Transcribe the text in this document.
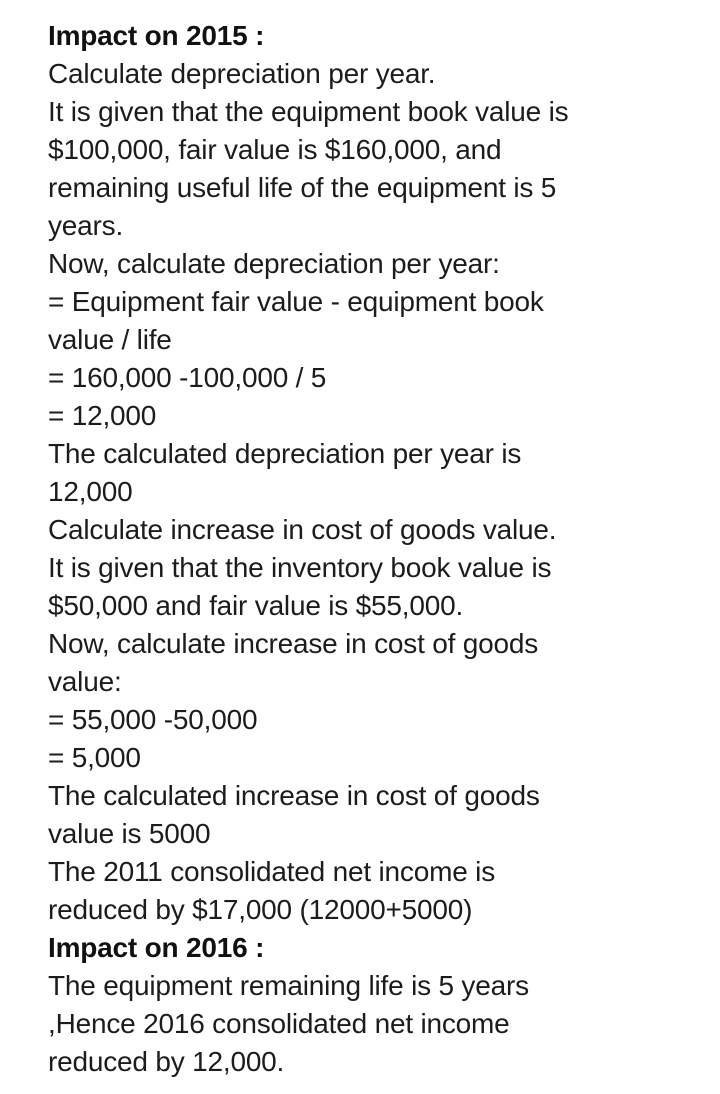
Impact on 2015 :
Calculate depreciation per year.
It is given that the equipment book value is
$100,000, fair value is $160,000, and
remaining useful life of the equipment is 5
years.
Now, calculate depreciation per year:
= Equipment fair value - equipment book
value / life
= 160,000 -100,000 / 5
= 12,000
The calculated depreciation per year is
12,000
Calculate increase in cost of goods value.
It is given that the inventory book value is
$50,000 and fair value is $55,000.
Now, calculate increase in cost of goods
value:
= 55,000 -50,000
= 5,000
The calculated increase in cost of goods
value is 5000
The 2011 consolidated net income is
reduced by $17,000 (12000+5000)
Impact on 2016 :
The equipment remaining life is 5 years
,Hence 2016 consolidated net income
reduced by 12,000.
